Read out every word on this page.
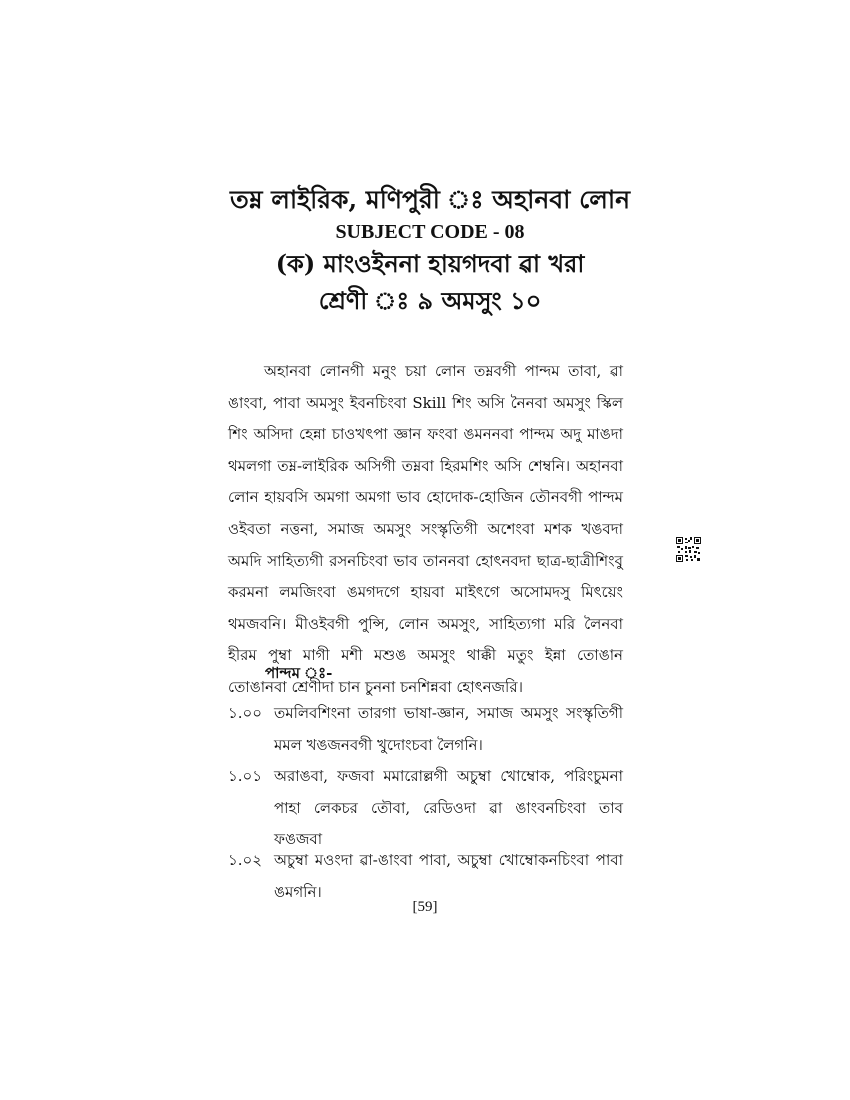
তম্ন লাইরিক, মণিপুরী ঃ অহানবা লোন

SUBJECT CODE - 08

(ক) মাংওইননা হায়গদবা ৱা খরা

শ্রেণী ঃ ৯ অমসুং ১০

অহানবা লোনগী মনুং চয়া লোন তম্নবগী পান্দম তাবা, ৱা ঙাংবা, পাবা অমসুং ইবনচিংবা Skill শিং অসি নৈনবা অমসুং স্কিল শিং অসিদা হেন্না চাওখৎপা জ্ঞান ফংবা ঙমননবা পান্দম অদু মাঙদা থমলগা তম্ন-লাইরিক অসিগী তম্নবা হিরমশিং অসি শেম্বনি। অহানবা লোন হায়বসি অমগা অমগা ভাব হোদোক-হোজিন তৌনবগী পান্দম ওইবতা নত্তনা, সমাজ অমসুং সংস্কৃতিগী অশেংবা মশক খঙবদা অমদি সাহিত্যগী রসনচিংবা ভাব তাননবা হোৎনবদা ছাত্র-ছাত্রীশিংবু করমনা লমজিংবা ঙমগদগে হায়বা মাইৎগে অসোমদসু মিৎয়েং থমজবনি। মীওইবগী পুন্সি, লোন অমসুং, সাহিত্যগা মরি লৈনবা হীরম পুম্বা মাগী মশী মশুঙ অমসুং থাক্কী মতুং ইন্না তোঙান তোঙানবা শ্রেণীদা চান চুননা চনশিন্নবা হোৎনজরি।

পান্দম ঃ-

১.০০ তমলিবশিংনা তারগা ভাষা-জ্ঞান, সমাজ অমসুং সংস্কৃতিগী মমল খঙজনবগী খুদোংচবা লৈগনি।
১.০১ অরাঙবা, ফজবা মমারোল্লগী অচুম্বা খোম্বোক, পরিংচুমনা পাহা লেকচর তৌবা, রেডিওদা ৱা ঙাংবনচিংবা তাব ফঙজবা
১.০২ অচুম্বা মওংদা ৱা-ঙাংবা পাবা, অচুম্বা খোম্বোকনচিংবা পাবা ঙমগনি।
[59]
